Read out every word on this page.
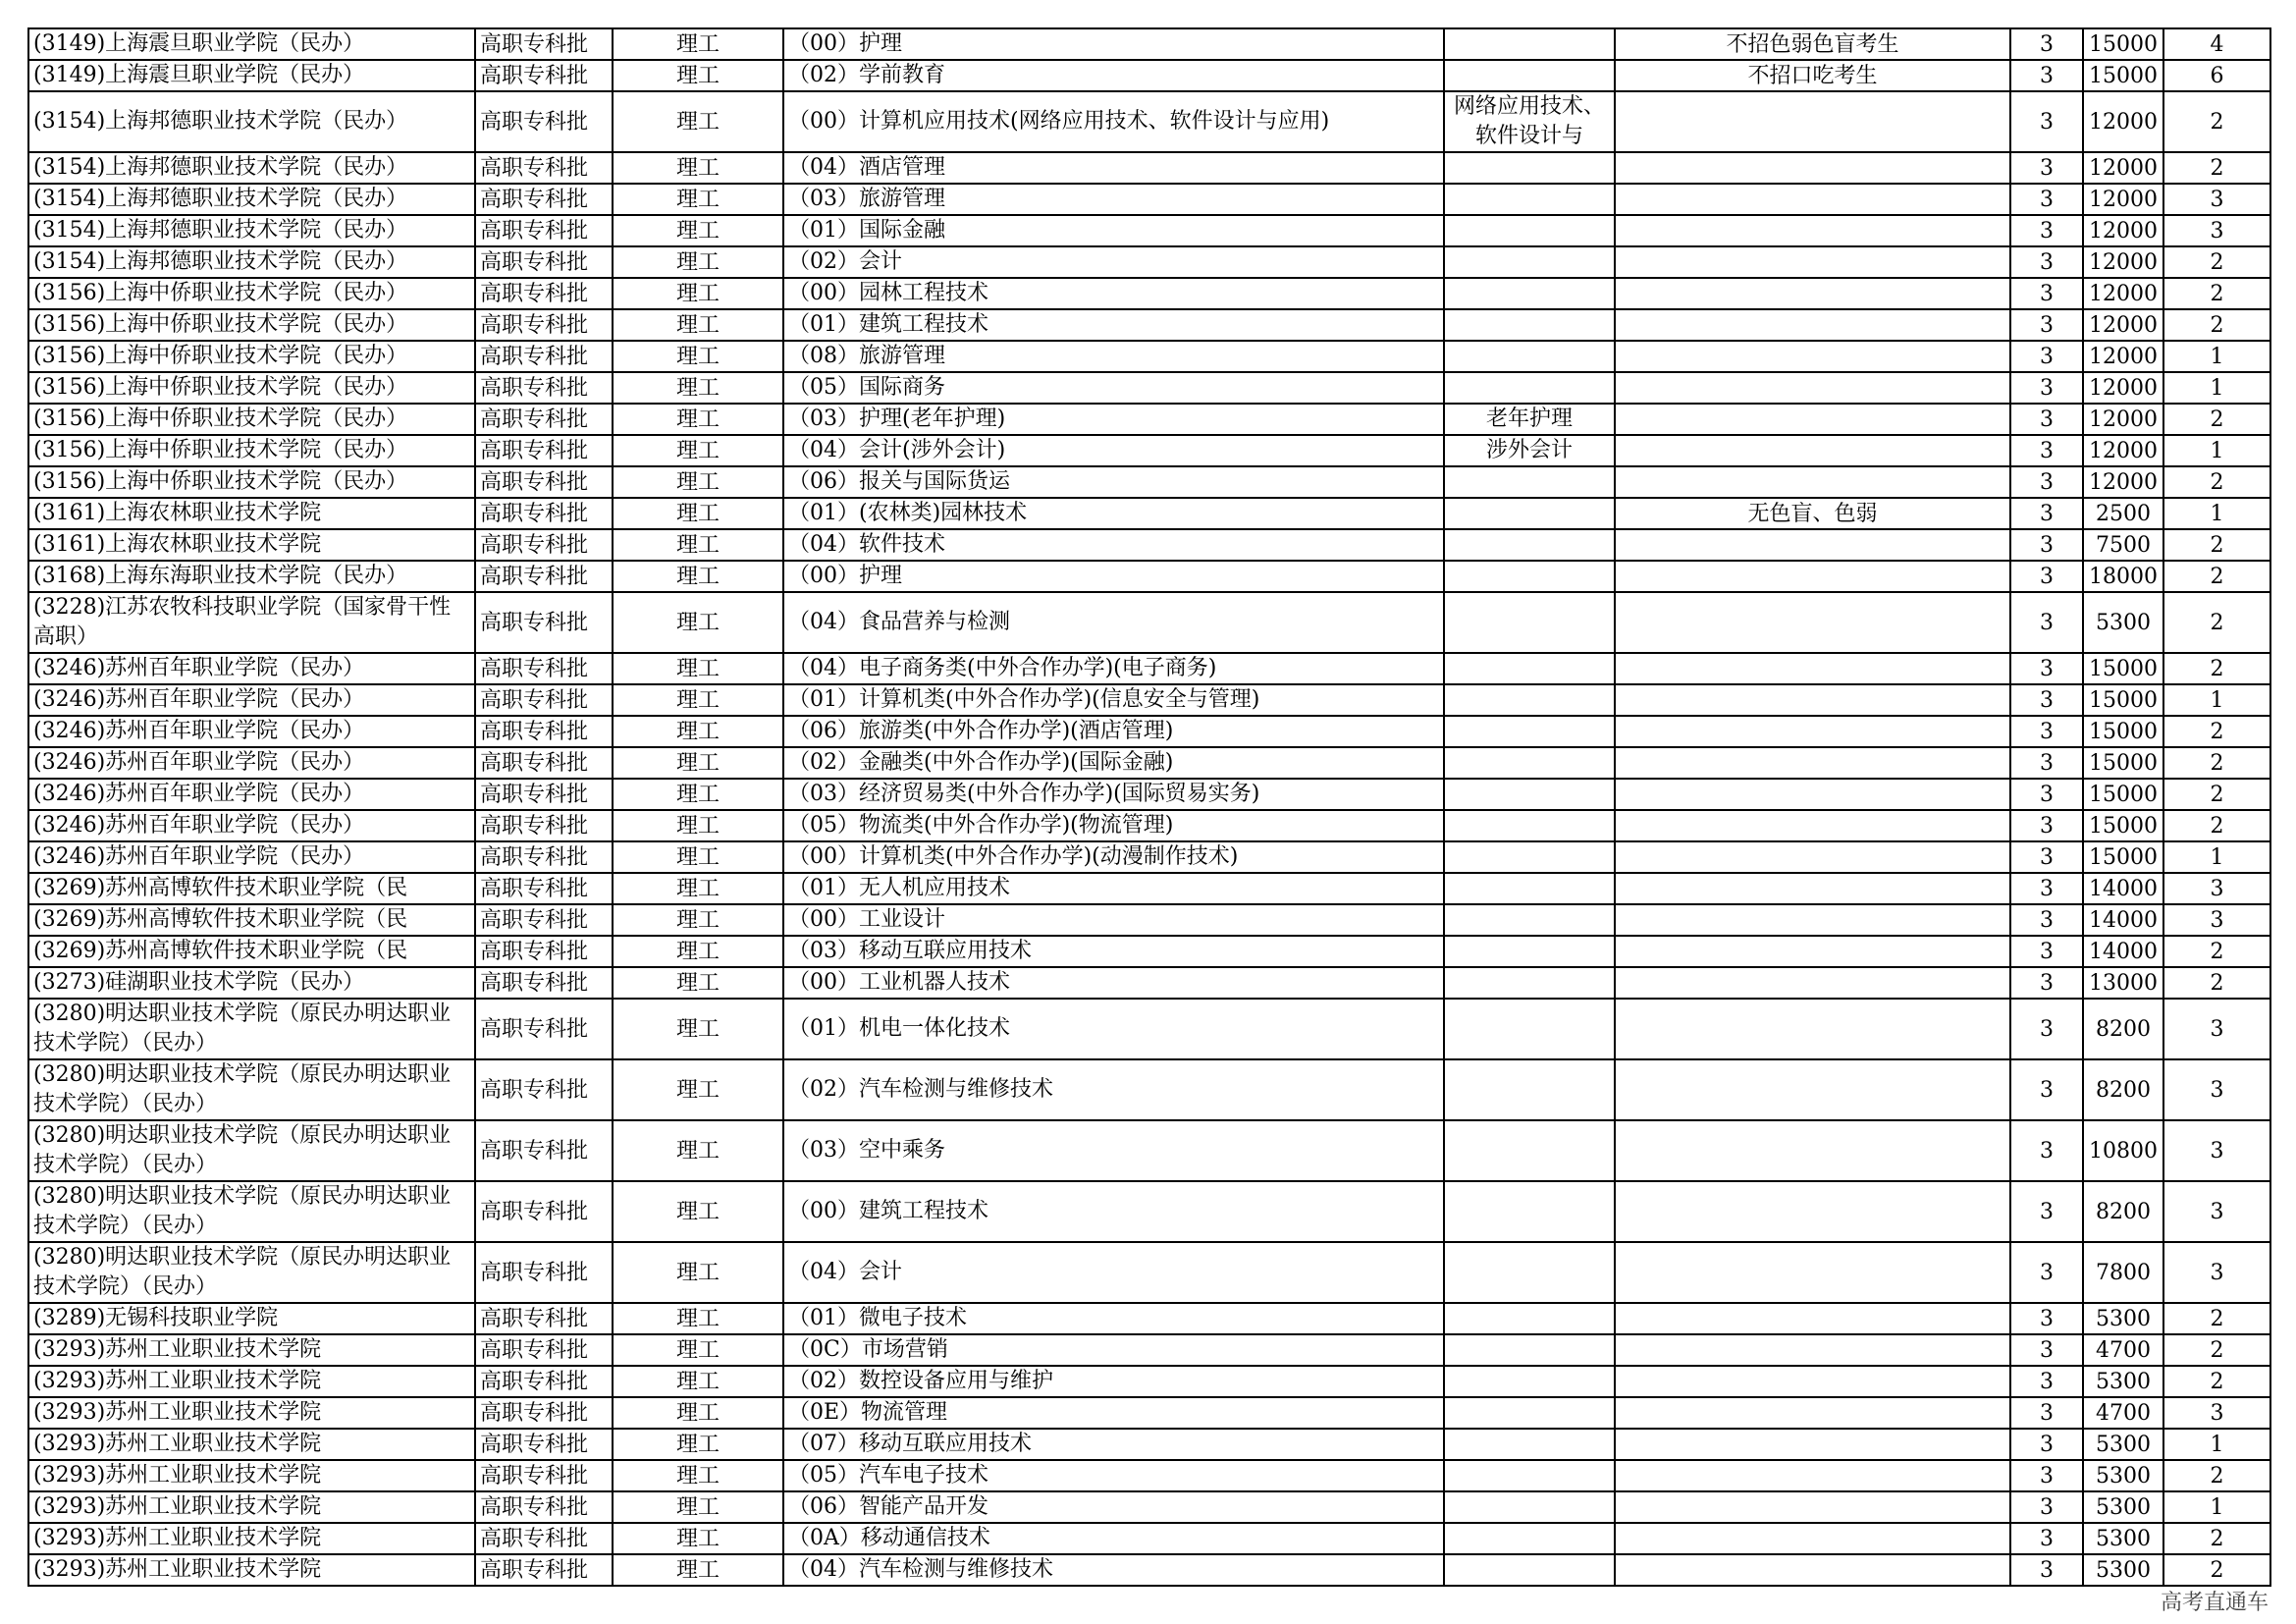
(3149)上海震旦职业学院（民办）	高职专科批	理工	（00）护理		不招色弱色盲考生	3	15000	4
(3149)上海震旦职业学院（民办）	高职专科批	理工	（02）学前教育		不招口吃考生	3	15000	6
(3154)上海邦德职业技术学院（民办）	高职专科批	理工	（00）计算机应用技术(网络应用技术、软件设计与应用)	网络应用技术、软件设计与		3	12000	2
(3154)上海邦德职业技术学院（民办）	高职专科批	理工	（04）酒店管理			3	12000	2
(3154)上海邦德职业技术学院（民办）	高职专科批	理工	（03）旅游管理			3	12000	3
(3154)上海邦德职业技术学院（民办）	高职专科批	理工	（01）国际金融			3	12000	3
(3154)上海邦德职业技术学院（民办）	高职专科批	理工	（02）会计			3	12000	2
(3156)上海中侨职业技术学院（民办）	高职专科批	理工	（00）园林工程技术			3	12000	2
(3156)上海中侨职业技术学院（民办）	高职专科批	理工	（01）建筑工程技术			3	12000	2
(3156)上海中侨职业技术学院（民办）	高职专科批	理工	（08）旅游管理			3	12000	1
(3156)上海中侨职业技术学院（民办）	高职专科批	理工	（05）国际商务			3	12000	1
(3156)上海中侨职业技术学院（民办）	高职专科批	理工	（03）护理(老年护理)	老年护理		3	12000	2
(3156)上海中侨职业技术学院（民办）	高职专科批	理工	（04）会计(涉外会计)	涉外会计		3	12000	1
(3156)上海中侨职业技术学院（民办）	高职专科批	理工	（06）报关与国际货运			3	12000	2
(3161)上海农林职业技术学院	高职专科批	理工	（01）(农林类)园林技术		无色盲、色弱	3	2500	1
(3161)上海农林职业技术学院	高职专科批	理工	（04）软件技术			3	7500	2
(3168)上海东海职业技术学院（民办）	高职专科批	理工	（00）护理			3	18000	2
(3228)江苏农牧科技职业学院（国家骨干性高职）	高职专科批	理工	（04）食品营养与检测			3	5300	2
(3246)苏州百年职业学院（民办）	高职专科批	理工	（04）电子商务类(中外合作办学)(电子商务)			3	15000	2
(3246)苏州百年职业学院（民办）	高职专科批	理工	（01）计算机类(中外合作办学)(信息安全与管理)			3	15000	1
(3246)苏州百年职业学院（民办）	高职专科批	理工	（06）旅游类(中外合作办学)(酒店管理)			3	15000	2
(3246)苏州百年职业学院（民办）	高职专科批	理工	（02）金融类(中外合作办学)(国际金融)			3	15000	2
(3246)苏州百年职业学院（民办）	高职专科批	理工	（03）经济贸易类(中外合作办学)(国际贸易实务)			3	15000	2
(3246)苏州百年职业学院（民办）	高职专科批	理工	（05）物流类(中外合作办学)(物流管理)			3	15000	2
(3246)苏州百年职业学院（民办）	高职专科批	理工	（00）计算机类(中外合作办学)(动漫制作技术)			3	15000	1
(3269)苏州高博软件技术职业学院（民	高职专科批	理工	（01）无人机应用技术			3	14000	3
(3269)苏州高博软件技术职业学院（民	高职专科批	理工	（00）工业设计			3	14000	3
(3269)苏州高博软件技术职业学院（民	高职专科批	理工	（03）移动互联应用技术			3	14000	2
(3273)硅湖职业技术学院（民办）	高职专科批	理工	（00）工业机器人技术			3	13000	2
(3280)明达职业技术学院（原民办明达职业技术学院）（民办）	高职专科批	理工	（01）机电一体化技术			3	8200	3
(3280)明达职业技术学院（原民办明达职业技术学院）（民办）	高职专科批	理工	（02）汽车检测与维修技术			3	8200	3
(3280)明达职业技术学院（原民办明达职业技术学院）（民办）	高职专科批	理工	（03）空中乘务			3	10800	3
(3280)明达职业技术学院（原民办明达职业技术学院）（民办）	高职专科批	理工	（00）建筑工程技术			3	8200	3
(3280)明达职业技术学院（原民办明达职业技术学院）（民办）	高职专科批	理工	（04）会计			3	7800	3
(3289)无锡科技职业学院	高职专科批	理工	（01）微电子技术			3	5300	2
(3293)苏州工业职业技术学院	高职专科批	理工	（0C）市场营销			3	4700	2
(3293)苏州工业职业技术学院	高职专科批	理工	（02）数控设备应用与维护			3	5300	2
(3293)苏州工业职业技术学院	高职专科批	理工	（0E）物流管理			3	4700	3
(3293)苏州工业职业技术学院	高职专科批	理工	（07）移动互联应用技术			3	5300	1
(3293)苏州工业职业技术学院	高职专科批	理工	（05）汽车电子技术			3	5300	2
(3293)苏州工业职业技术学院	高职专科批	理工	（06）智能产品开发			3	5300	1
(3293)苏州工业职业技术学院	高职专科批	理工	（0A）移动通信技术			3	5300	2
(3293)苏州工业职业技术学院	高职专科批	理工	（04）汽车检测与维修技术			3	5300	2
高考直通车
